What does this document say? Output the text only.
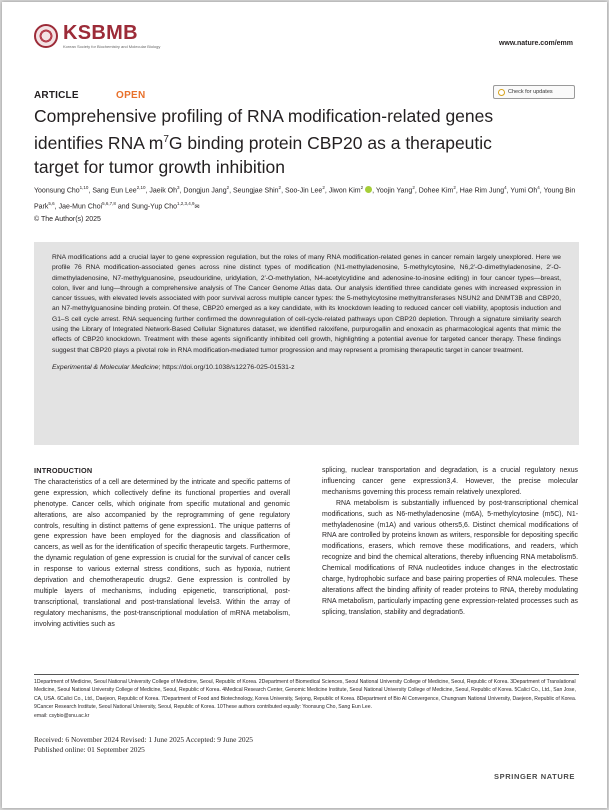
KSBMB
Korean Society for Biochemistry and Molecular Biology	www.nature.com/emm
ARTICLE	OPEN	Check for updates
Comprehensive profiling of RNA modification-related genes
identifies RNA $m^7G$ binding protein CBP20 as a therapeutic
target for tumor growth inhibition
Yoonsung Cho$^{1,10}$, Sang Eun Lee$^{2,10}$, Jaeik Oh$^3$, Dongjun Jang$^2$, Seungjae Shin$^2$, Soo-Jin Lee$^2$, Jiwon Kim$^2$ , Yoojin Yang$^2$, Dohee Kim$^2$, Hae Rim Jung$^4$, Yumi Oh$^4$, Young Bin Park$^{5,6}$, Jae-Mun Choi$^{5,6,7,8}$ and Sung-Yup Cho$^{1,2,3,4,9}$✉
© The Author(s) 2025
RNA modifications add a crucial layer to gene expression regulation, but the roles of many RNA modification-related genes in cancer remain largely unexplored. Here we profile 76 RNA modification-associated genes across nine distinct types of modification (N1-methyladenosine, 5-methylcytosine, N6,2′-O-dimethyladenosine, 2′-O-dimethyladenosine, N7-methylguanosine, pseudouridine, uridylation, 2′-O-methylation, N4-acetylcytidine and adenosine-to-inosine editing) in four cancer types—breast, colon, liver and lung—through a comprehensive analysis of The Cancer Genome Atlas data. Our analysis identified three candidate genes with increased expression in cancer tissues, with elevated levels associated with poor survival across multiple cancer types: the 5-methylcytosine methyltransferases NSUN2 and DNMT3B and CBP20, an N7-methylguanosine binding protein. Of these, CBP20 emerged as a key candidate, with its knockdown leading to reduced cancer cell viability, apoptosis induction and G1–S cell cycle arrest. RNA sequencing further confirmed the downregulation of cell-cycle-related pathways upon CBP20 depletion. Through a signature similarity search using the Library of Integrated Network-Based Cellular Signatures dataset, we identified raloxifene, purpurogallin and enoxacin as pharmacological agents that mimic the effects of CBP20 knockdown. Treatment with these agents significantly inhibited cell growth, highlighting a potential avenue for targeted cancer therapy. These findings suggest that CBP20 plays a pivotal role in RNA modification-mediated tumor progression and may represent a promising therapeutic target in cancer treatment.
Experimental & Molecular Medicine; https://doi.org/10.1038/s12276-025-01531-z
INTRODUCTION
The characteristics of a cell are determined by the intricate and specific patterns of gene expression, which collectively define its functional properties and overall phenotype. Cancer cells, which originate from specific mutational and genomic alterations, are also accompanied by the reprogramming of gene regulatory controls, resulting in distinct patterns of gene expression1. The unique patterns of gene expression have been employed for the diagnosis and classification of cancers, as well as for the identification of specific therapeutic targets. Furthermore, the dynamic regulation of gene expression is crucial for the survival of cancer cells in response to various external stress conditions, such as hypoxia, nutrient deprivation and chemotherapeutic drugs2. Gene expression is controlled by multiple layers of mechanisms, including epigenetic, transcriptional, post-transcriptional, translational and post-translational levels3. Within the array of regulatory mechanisms, the post-transcriptional modulation of mRNA metabolism, involving activities such as
splicing, nuclear transportation and degradation, is a crucial regulatory nexus influencing cancer gene expression3,4. However, the precise molecular mechanisms governing this process remain relatively unexplored.
RNA metabolism is substantially influenced by post-transcriptional chemical modifications, such as N6-methyladenosine (m6A), 5-methylcytosine (m5C), N1-methyladenosine (m1A) and various others5,6. Distinct chemical modifications of RNA are controlled by proteins known as writers, responsible for depositing specific modifications, erasers, which remove these modifications, and readers, which recognize and bind the chemical alterations, thereby influencing RNA metabolism5. Chemical modifications of RNA nucleotides induce changes in the electrostatic charge, hydrophobic surface and base pairing properties of RNA molecules. These alterations affect the binding affinity of reader proteins to RNA, thereby modulating RNA metabolism, particularly impacting gene expression-related processes such as splicing, translation, stability and degradation5.
1Department of Medicine, Seoul National University College of Medicine, Seoul, Republic of Korea. 2Department of Biomedical Sciences, Seoul National University College of Medicine, Seoul, Republic of Korea. 3Department of Translational Medicine, Seoul National University College of Medicine, Seoul, Republic of Korea. 4Medical Research Center, Genomic Medicine Institute, Seoul National University College of Medicine, Seoul, Republic of Korea. 5Calici Co., Ltd., San Jose, CA, USA. 6Calici Co., Ltd., Daejeon, Republic of Korea. 7Department of Food and Biotechnology, Korea University, Sejong, Republic of Korea. 8Department of Bio AI Convergence, Chungnam National University, Daejeon, Republic of Korea. 9Cancer Research Institute, Seoul National University, Seoul, Republic of Korea. 10These authors contributed equally: Yoonsung Cho, Sang Eun Lee.
email: csybio@snu.ac.kr
Received: 6 November 2024 Revised: 1 June 2025 Accepted: 9 June 2025
Published online: 01 September 2025
SPRINGER NATURE
